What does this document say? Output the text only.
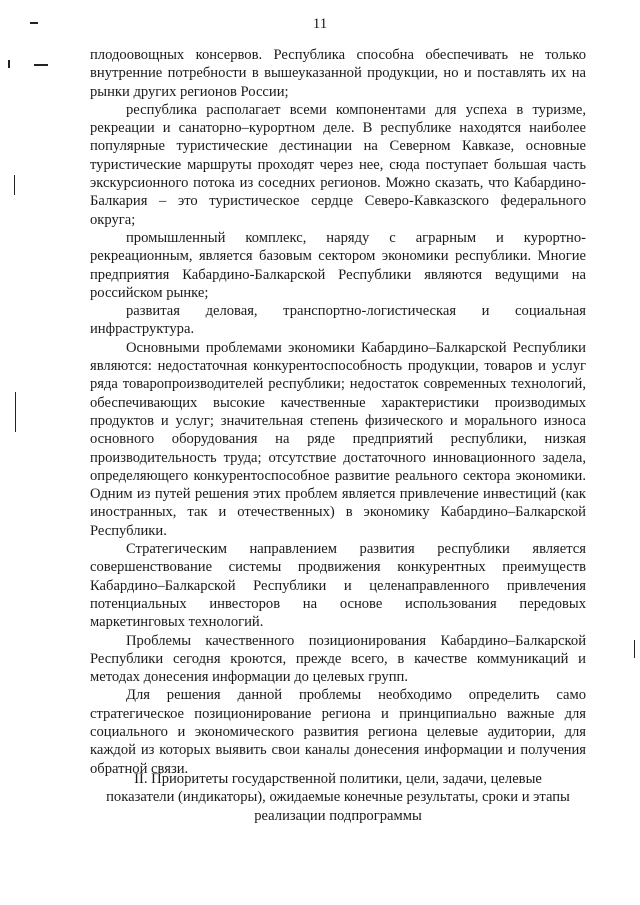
11

плодоовощных консервов. Республика способна обеспечивать не только внутренние потребности в вышеуказанной продукции, но и поставлять их на рынки других регионов России;

республика располагает всеми компонентами для успеха в туризме, рекреации и санаторно–курортном деле. В республике находятся наиболее популярные туристические дестинации на Северном Кавказе, основные туристические маршруты проходят через нее, сюда поступает большая часть экскурсионного потока из соседних регионов. Можно сказать, что Кабардино-Балкария – это туристическое сердце Северо-Кавказского федерального округа;

промышленный комплекс, наряду с аграрным и курортно-рекреационным, является базовым сектором экономики республики. Многие предприятия Кабардино-Балкарской Республики являются ведущими на российском рынке;

развитая деловая, транспортно-логистическая и социальная инфраструктура.

Основными проблемами экономики Кабардино–Балкарской Республики являются: недостаточная конкурентоспособность продукции, товаров и услуг ряда товаропроизводителей республики; недостаток современных технологий, обеспечивающих высокие качественные характеристики производимых продуктов и услуг; значительная степень физического и морального износа основного оборудования на ряде предприятий республики, низкая производительность труда; отсутствие достаточного инновационного задела, определяющего конкурентоспособное развитие реального сектора экономики. Одним из путей решения этих проблем является привлечение инвестиций (как иностранных, так и отечественных) в экономику Кабардино–Балкарской Республики.

Стратегическим направлением развития республики является совершенствование системы продвижения конкурентных преимуществ Кабардино–Балкарской Республики и целенаправленного привлечения потенциальных инвесторов на основе использования передовых маркетинговых технологий.

Проблемы качественного позиционирования Кабардино–Балкарской Республики сегодня кроются, прежде всего, в качестве коммуникаций и методах донесения информации до целевых групп.

Для решения данной проблемы необходимо определить само стратегическое позиционирование региона и принципиально важные для социального и экономического развития региона целевые аудитории, для каждой из которых выявить свои каналы донесения информации и получения обратной связи.

II. Приоритеты государственной политики, цели, задачи, целевые
показатели (индикаторы), ожидаемые конечные результаты, сроки и этапы
реализации подпрограммы
